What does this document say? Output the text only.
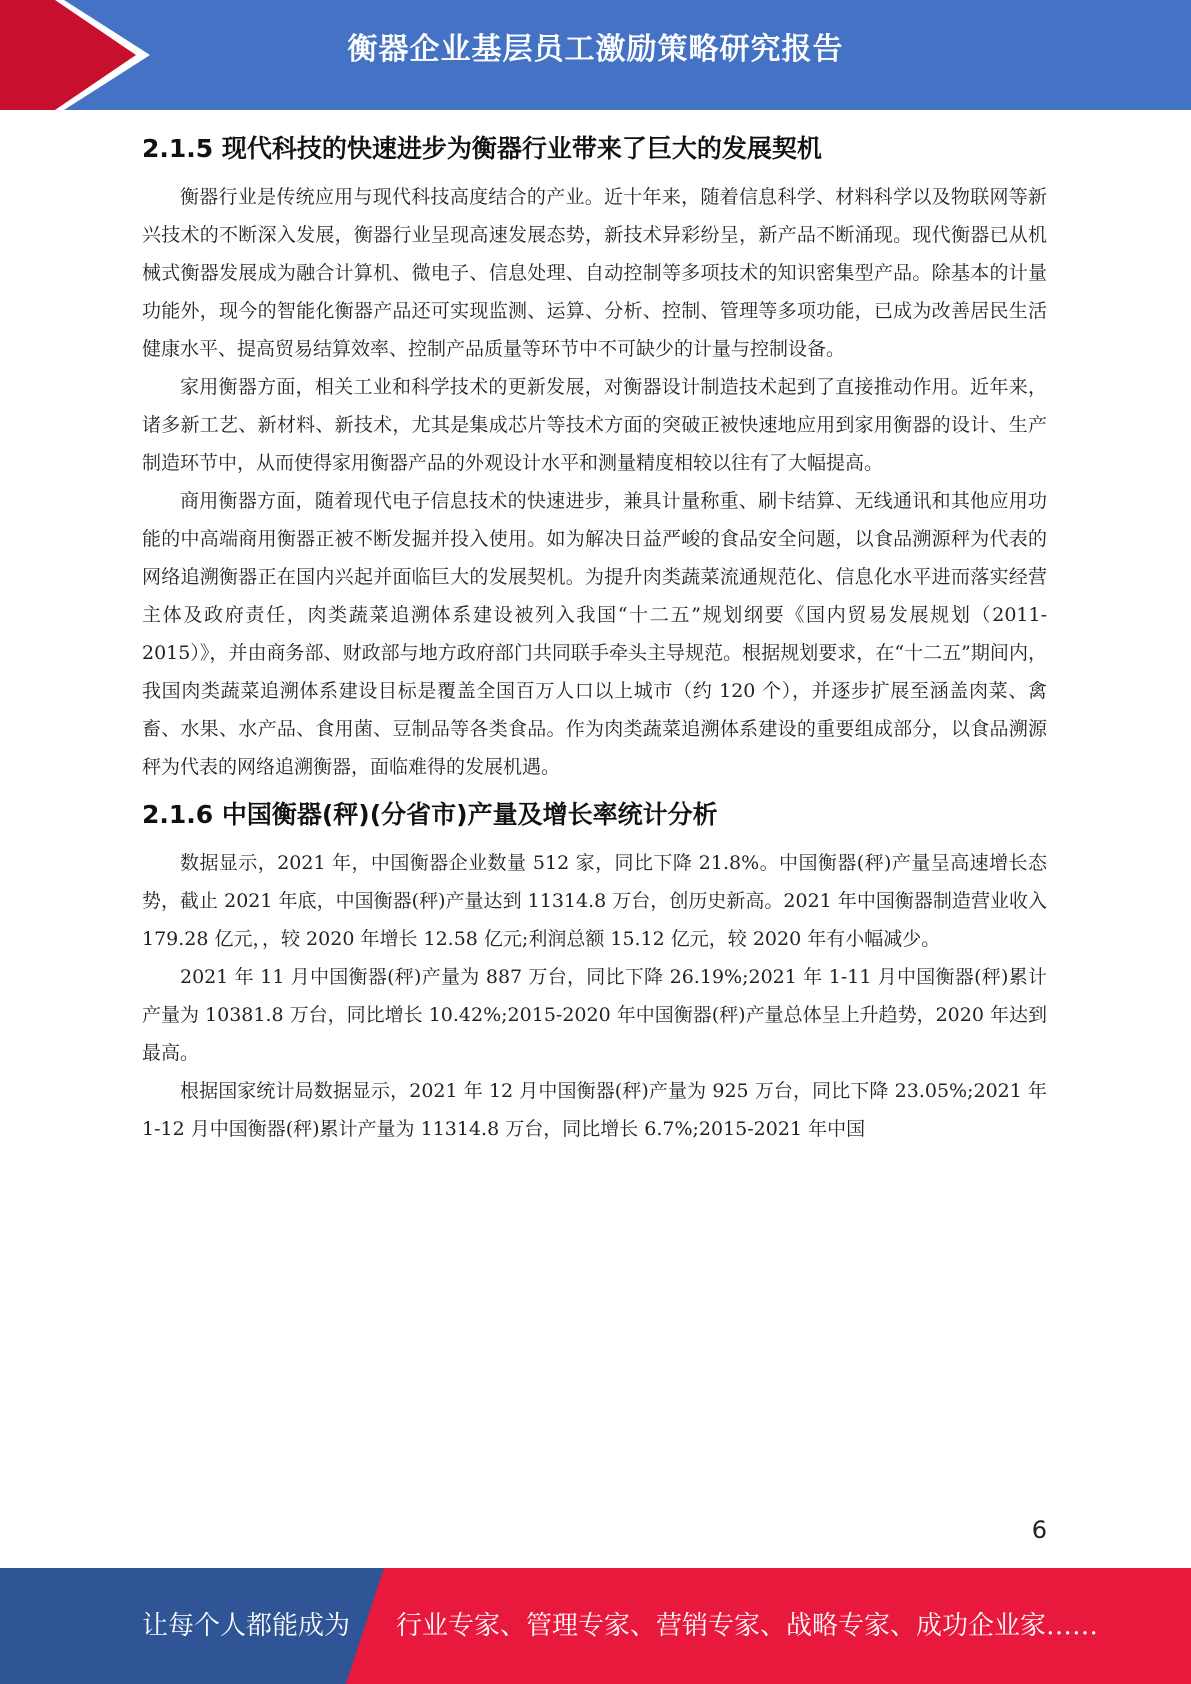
衡器企业基层员工激励策略研究报告
2.1.5 现代科技的快速进步为衡器行业带来了巨大的发展契机

衡器行业是传统应用与现代科技高度结合的产业。近十年来，随着信息科学、材料科学以及物联网等新兴技术的不断深入发展，衡器行业呈现高速发展态势，新技术异彩纷呈，新产品不断涌现。现代衡器已从机械式衡器发展成为融合计算机、微电子、信息处理、自动控制等多项技术的知识密集型产品。除基本的计量功能外，现今的智能化衡器产品还可实现监测、运算、分析、控制、管理等多项功能，已成为改善居民生活健康水平、提高贸易结算效率、控制产品质量等环节中不可缺少的计量与控制设备。

家用衡器方面，相关工业和科学技术的更新发展，对衡器设计制造技术起到了直接推动作用。近年来，诸多新工艺、新材料、新技术，尤其是集成芯片等技术方面的突破正被快速地应用到家用衡器的设计、生产制造环节中，从而使得家用衡器产品的外观设计水平和测量精度相较以往有了大幅提高。

商用衡器方面，随着现代电子信息技术的快速进步，兼具计量称重、刷卡结算、无线通讯和其他应用功能的中高端商用衡器正被不断发掘并投入使用。如为解决日益严峻的食品安全问题，以食品溯源秤为代表的网络追溯衡器正在国内兴起并面临巨大的发展契机。为提升肉类蔬菜流通规范化、信息化水平进而落实经营主体及政府责任，肉类蔬菜追溯体系建设被列入我国“十二五”规划纲要《国内贸易发展规划（2011-2015）》，并由商务部、财政部与地方政府部门共同联手牵头主导规范。根据规划要求，在“十二五”期间内，我国肉类蔬菜追溯体系建设目标是覆盖全国百万人口以上城市（约 120 个），并逐步扩展至涵盖肉菜、禽畜、水果、水产品、食用菌、豆制品等各类食品。作为肉类蔬菜追溯体系建设的重要组成部分，以食品溯源秤为代表的网络追溯衡器，面临难得的发展机遇。

2.1.6 中国衡器(秤)(分省市)产量及增长率统计分析

数据显示，2021 年，中国衡器企业数量 512 家，同比下降 21.8%。中国衡器(秤)产量呈高速增长态势，截止 2021 年底，中国衡器(秤)产量达到 11314.8 万台，创历史新高。2021 年中国衡器制造营业收入 179.28 亿元，，较 2020 年增长 12.58 亿元;利润总额 15.12 亿元，较 2020 年有小幅减少。

2021 年 11 月中国衡器(秤)产量为 887 万台，同比下降 26.19%;2021 年 1-11 月中国衡器(秤)累计产量为 10381.8 万台，同比增长 10.42%;2015-2020 年中国衡器(秤)产量总体呈上升趋势，2020 年达到最高。

根据国家统计局数据显示，2021 年 12 月中国衡器(秤)产量为 925 万台，同比下降 23.05%;2021 年 1-12 月中国衡器(秤)累计产量为 11314.8 万台，同比增长 6.7%;2015-2021 年中国

6
让每个人都能成为 行业专家、管理专家、营销专家、战略专家、成功企业家……
